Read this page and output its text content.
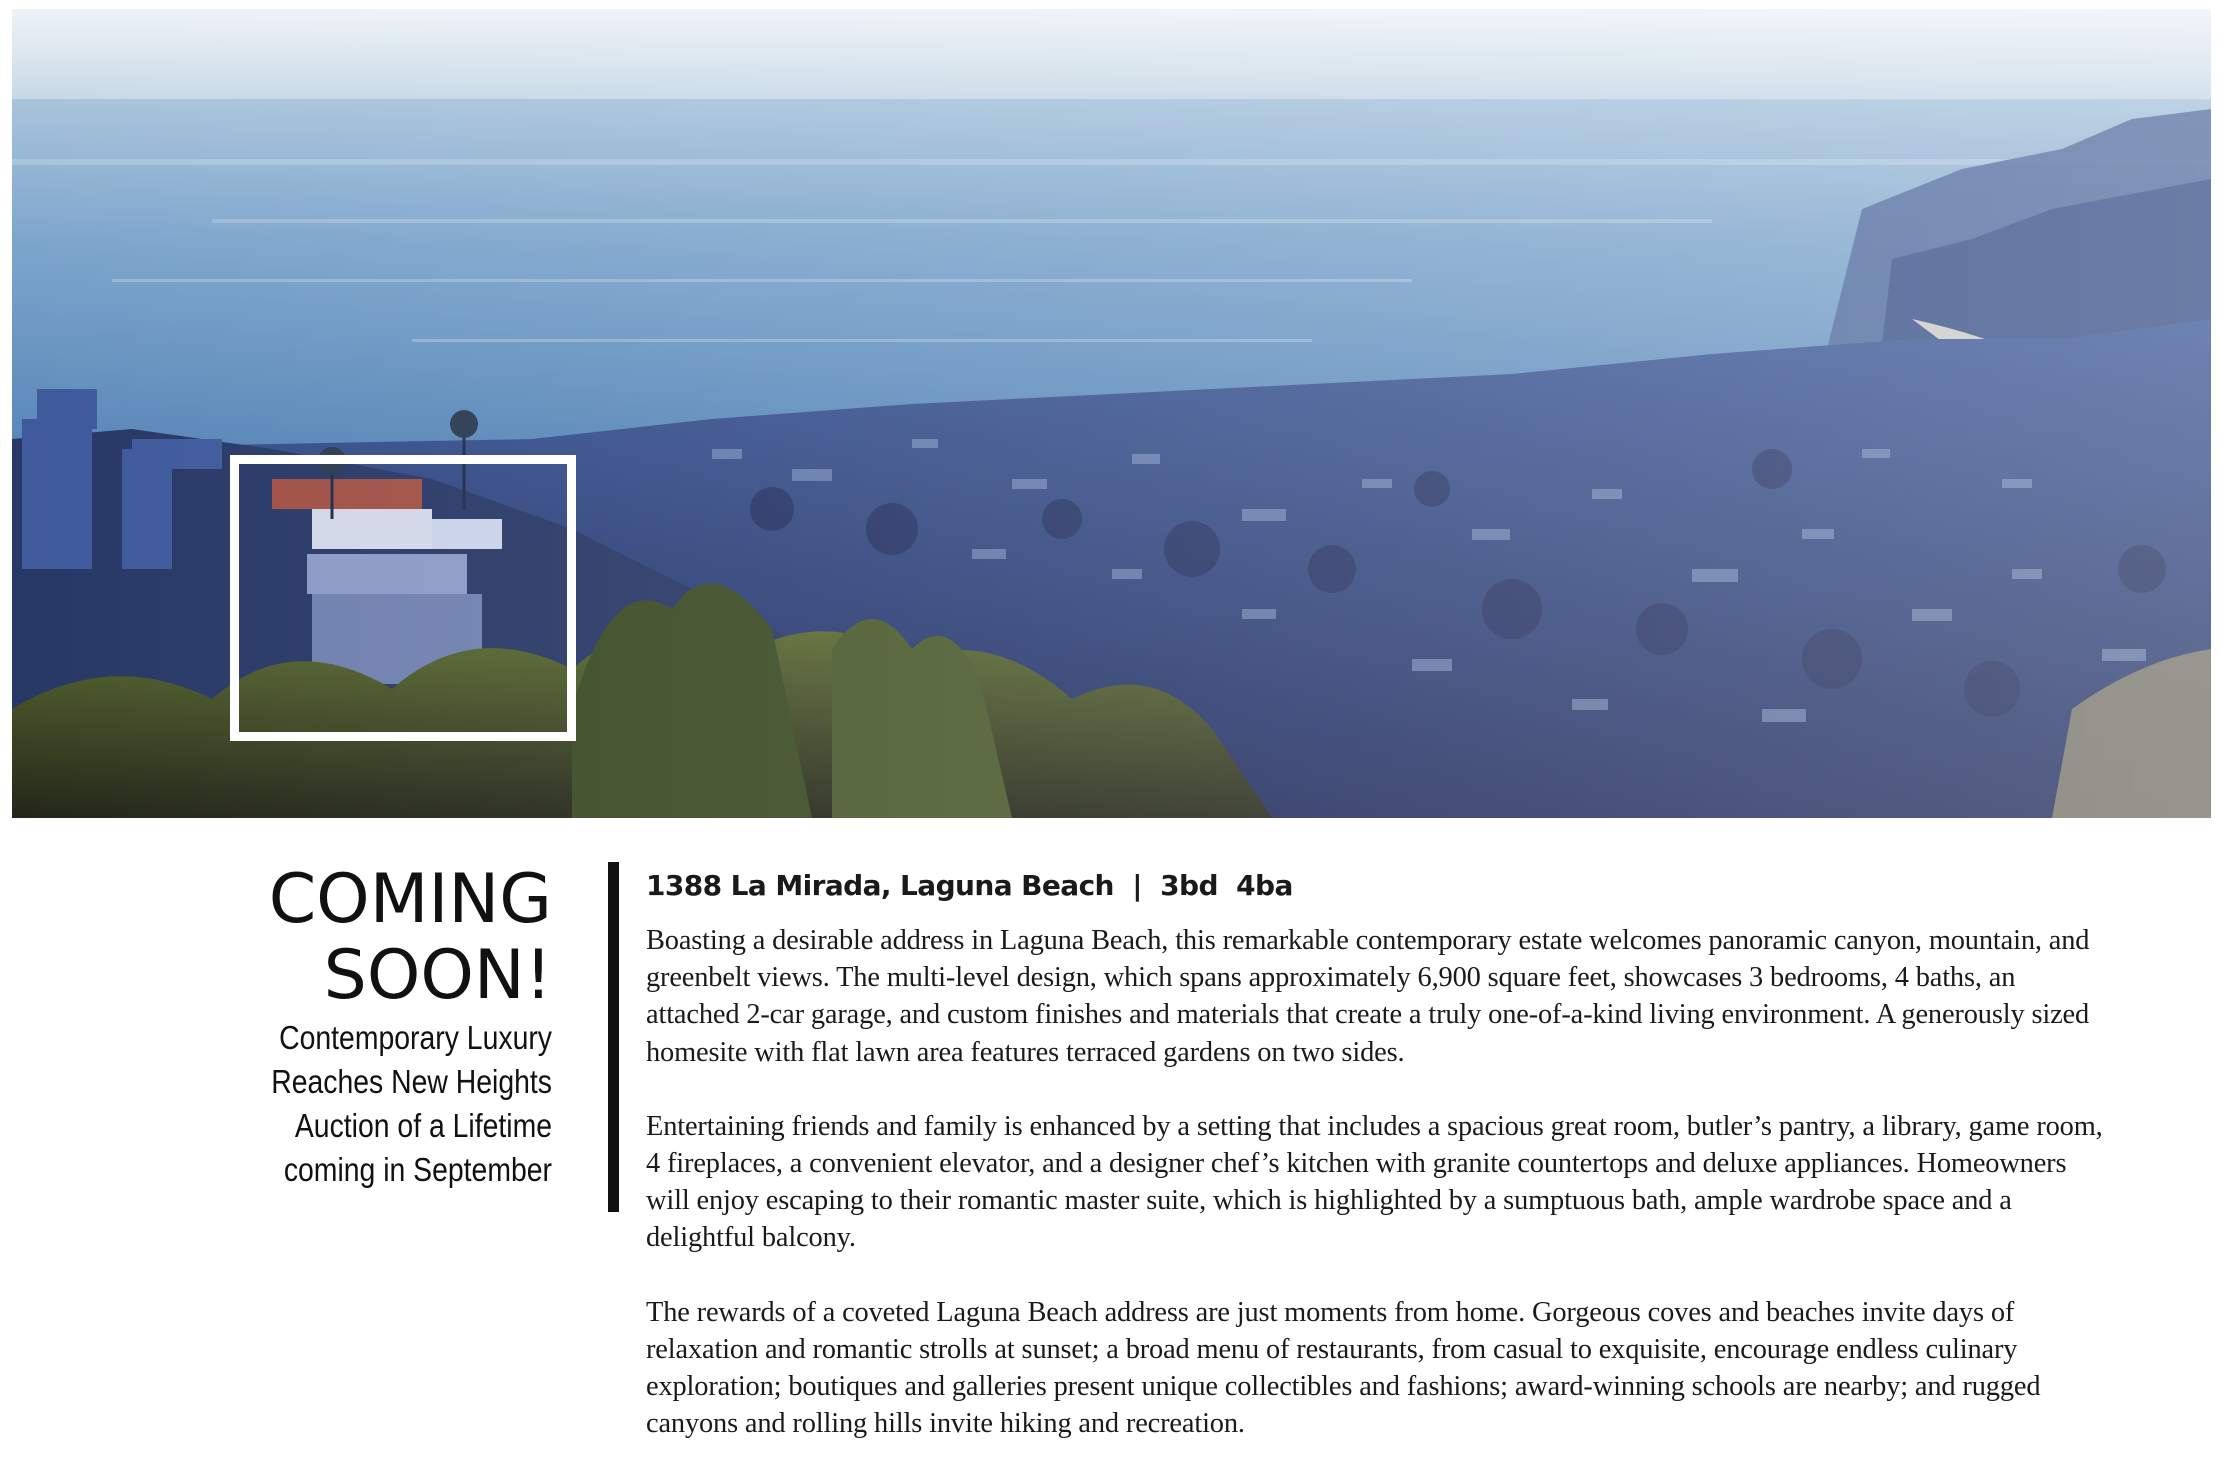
COMING
SOON!
Contemporary Luxury
Reaches New Heights
Auction of a Lifetime
coming in September
1388 La Mirada, Laguna Beach  |  3bd  4ba

Boasting a desirable address in Laguna Beach, this remarkable contemporary estate welcomes panoramic canyon, mountain, and greenbelt views. The multi-level design, which spans approximately 6,900 square feet, showcases 3 bedrooms, 4 baths, an attached 2-car garage, and custom finishes and materials that create a truly one-of-a-kind living environment. A generously sized homesite with flat lawn area features terraced gardens on two sides.

Entertaining friends and family is enhanced by a setting that includes a spacious great room, butler’s pantry, a library, game room, 4 fireplaces, a convenient elevator, and a designer chef’s kitchen with granite countertops and deluxe appliances. Homeowners will enjoy escaping to their romantic master suite, which is highlighted by a sumptuous bath, ample wardrobe space and a delightful balcony.

The rewards of a coveted Laguna Beach address are just moments from home. Gorgeous coves and beaches invite days of relaxation and romantic strolls at sunset; a broad menu of restaurants, from casual to exquisite, encourage endless culinary exploration; boutiques and galleries present unique collectibles and fashions; award-winning schools are nearby; and rugged canyons and rolling hills invite hiking and recreation.
